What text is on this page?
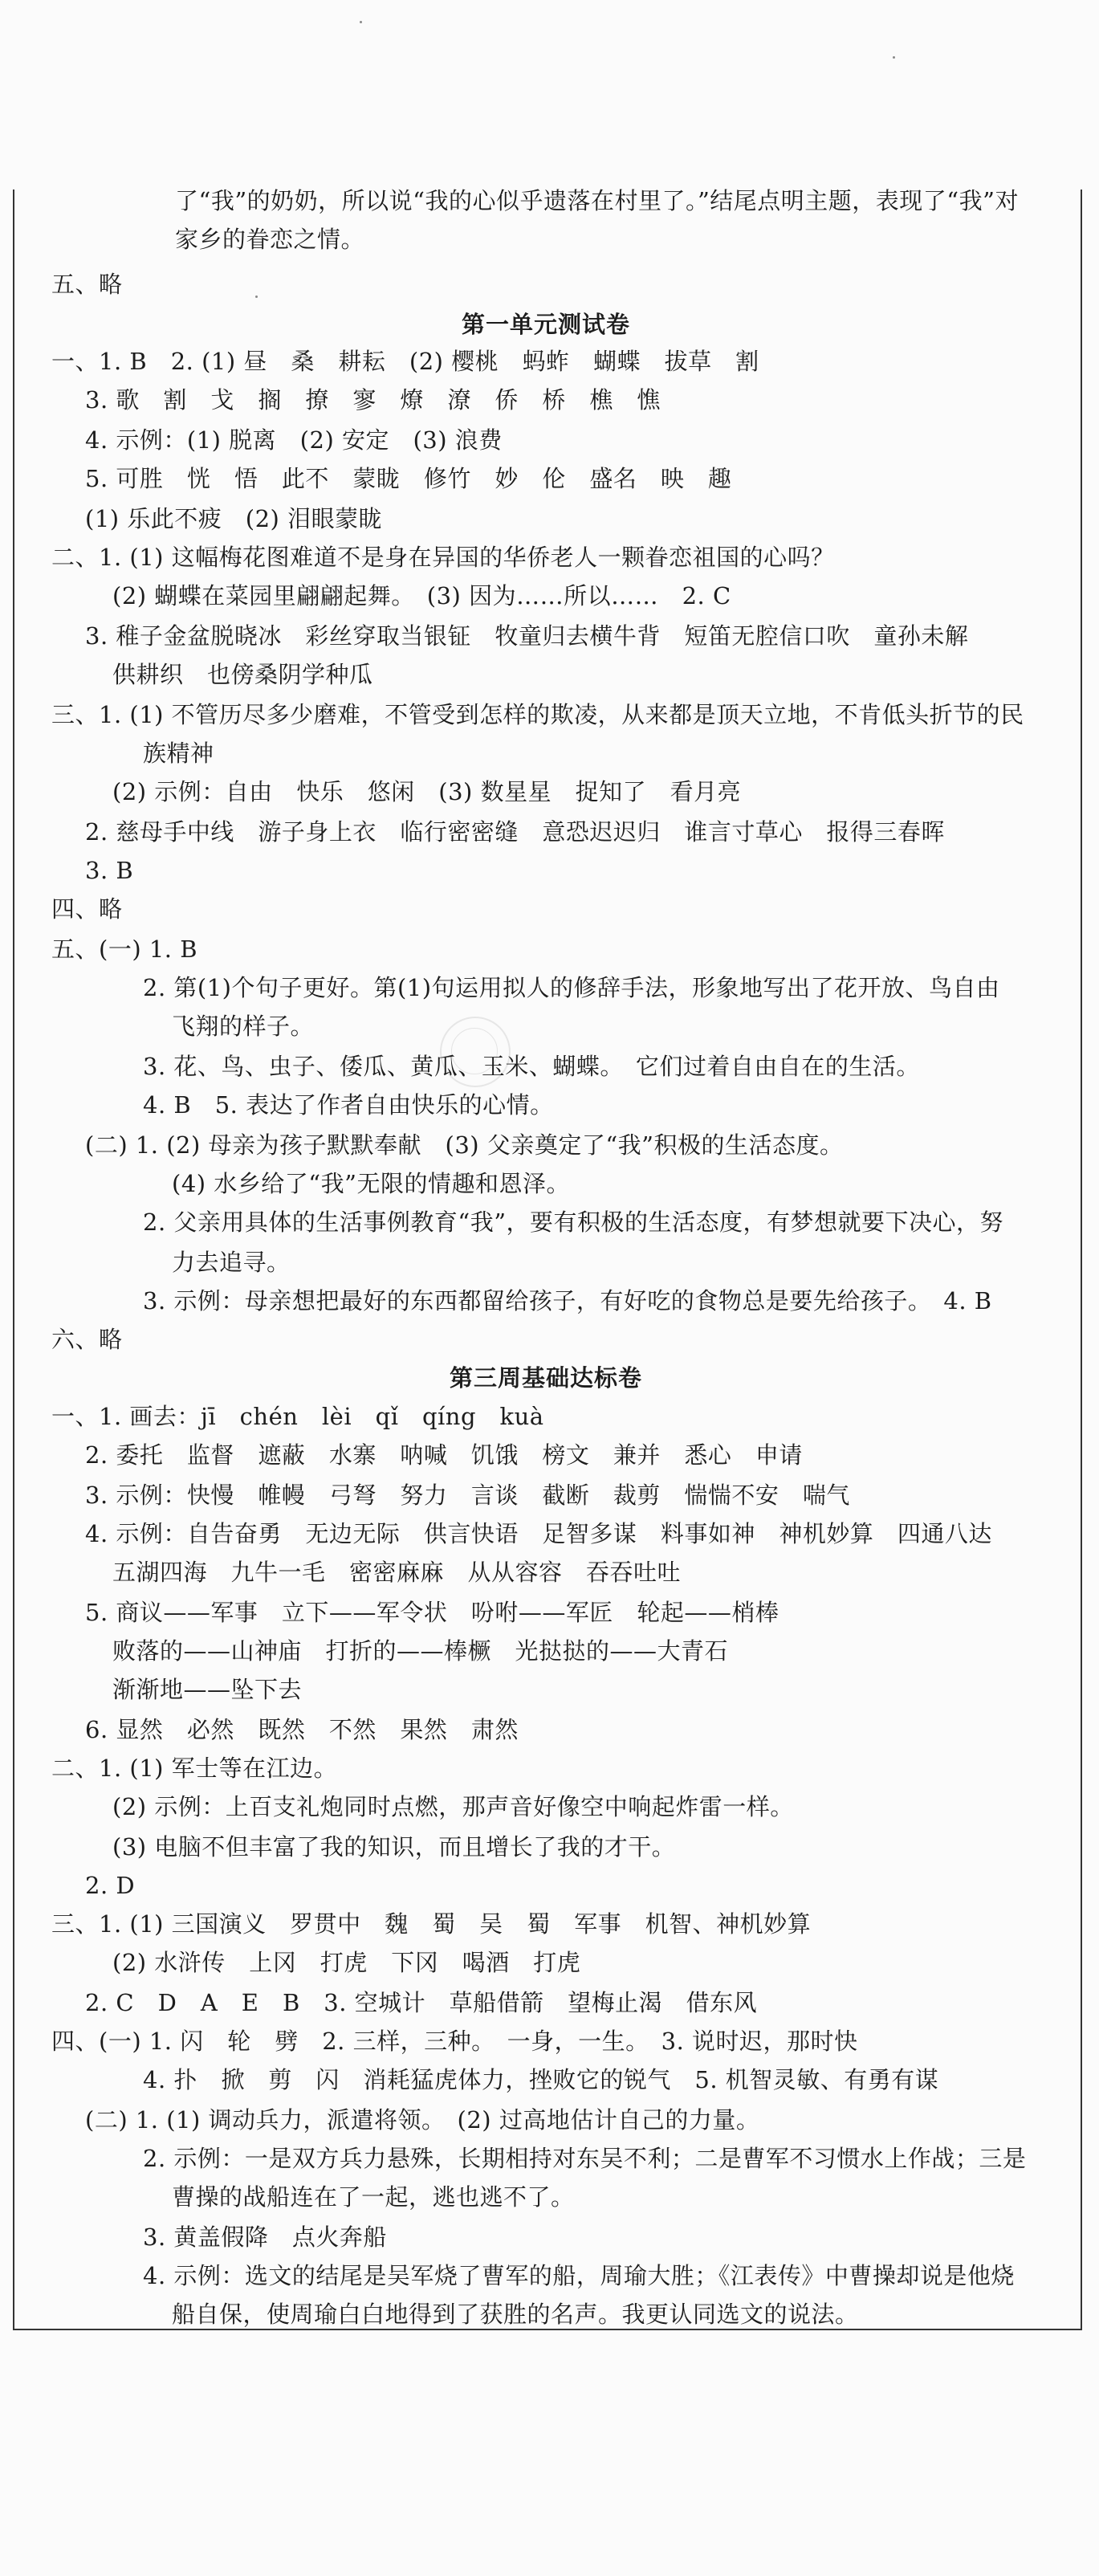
了“我”的奶奶，所以说“我的心似乎遗落在村里了。”结尾点明主题，表现了“我”对
家乡的眷恋之情。
五、略
第一单元测试卷
一、1. B　2. (1) 昼　桑　耕耘　(2) 樱桃　蚂蚱　蝴蝶　拔草　割
3. 歌　割　戈　搁　撩　寥　燎　潦　侨　桥　樵　憔
4. 示例：(1) 脱离　(2) 安定　(3) 浪费
5. 可胜　恍　悟　此不　蒙眬　修竹　妙　伦　盛名　映　趣
(1) 乐此不疲　(2) 泪眼蒙眬
二、1. (1) 这幅梅花图难道不是身在异国的华侨老人一颗眷恋祖国的心吗？
(2) 蝴蝶在菜园里翩翩起舞。　(3) 因为……所以……　2. C
3. 稚子金盆脱晓冰　彩丝穿取当银钲　牧童归去横牛背　短笛无腔信口吹　童孙未解
供耕织　也傍桑阴学种瓜
三、1. (1) 不管历尽多少磨难，不管受到怎样的欺凌，从来都是顶天立地，不肯低头折节的民
族精神
(2) 示例：自由　快乐　悠闲　(3) 数星星　捉知了　看月亮
2. 慈母手中线　游子身上衣　临行密密缝　意恐迟迟归　谁言寸草心　报得三春晖
3. B
四、略
五、(一) 1. B
2. 第(1)个句子更好。第(1)句运用拟人的修辞手法，形象地写出了花开放、鸟自由
飞翔的样子。
3. 花、鸟、虫子、倭瓜、黄瓜、玉米、蝴蝶。　它们过着自由自在的生活。
4. B　5. 表达了作者自由快乐的心情。
(二) 1. (2) 母亲为孩子默默奉献　(3) 父亲奠定了“我”积极的生活态度。
(4) 水乡给了“我”无限的情趣和恩泽。
2. 父亲用具体的生活事例教育“我”，要有积极的生活态度，有梦想就要下决心，努
力去追寻。
3. 示例：母亲想把最好的东西都留给孩子，有好吃的食物总是要先给孩子。　4. B
六、略
第三周基础达标卷
一、1. 画去：jī　chén　lèi　qǐ　qíng　kuà
2. 委托　监督　遮蔽　水寨　呐喊　饥饿　榜文　兼并　悉心　申请
3. 示例：快慢　帷幔　弓弩　努力　言谈　截断　裁剪　惴惴不安　喘气
4. 示例：自告奋勇　无边无际　供言快语　足智多谋　料事如神　神机妙算　四通八达
五湖四海　九牛一毛　密密麻麻　从从容容　吞吞吐吐
5. 商议——军事　立下——军令状　吩咐——军匠　轮起——梢棒
败落的——山神庙　打折的——棒橛　光挞挞的——大青石
渐渐地——坠下去
6. 显然　必然　既然　不然　果然　肃然
二、1. (1) 军士等在江边。
(2) 示例：上百支礼炮同时点燃，那声音好像空中响起炸雷一样。
(3) 电脑不但丰富了我的知识，而且增长了我的才干。
2. D
三、1. (1) 三国演义　罗贯中　魏　蜀　吴　蜀　军事　机智、神机妙算
(2) 水浒传　上冈　打虎　下冈　喝酒　打虎
2. C　D　A　E　B　3. 空城计　草船借箭　望梅止渴　借东风
四、(一) 1. 闪　轮　劈　2. 三样，三种。　一身，一生。　3. 说时迟，那时快
4. 扑　掀　剪　闪　消耗猛虎体力，挫败它的锐气　5. 机智灵敏、有勇有谋
(二) 1. (1) 调动兵力，派遣将领。　(2) 过高地估计自己的力量。
2. 示例：一是双方兵力悬殊，长期相持对东吴不利；二是曹军不习惯水上作战；三是
曹操的战船连在了一起，逃也逃不了。
3. 黄盖假降　点火奔船
4. 示例：选文的结尾是吴军烧了曹军的船，周瑜大胜；《江表传》中曹操却说是他烧
船自保，使周瑜白白地得到了获胜的名声。我更认同选文的说法。
